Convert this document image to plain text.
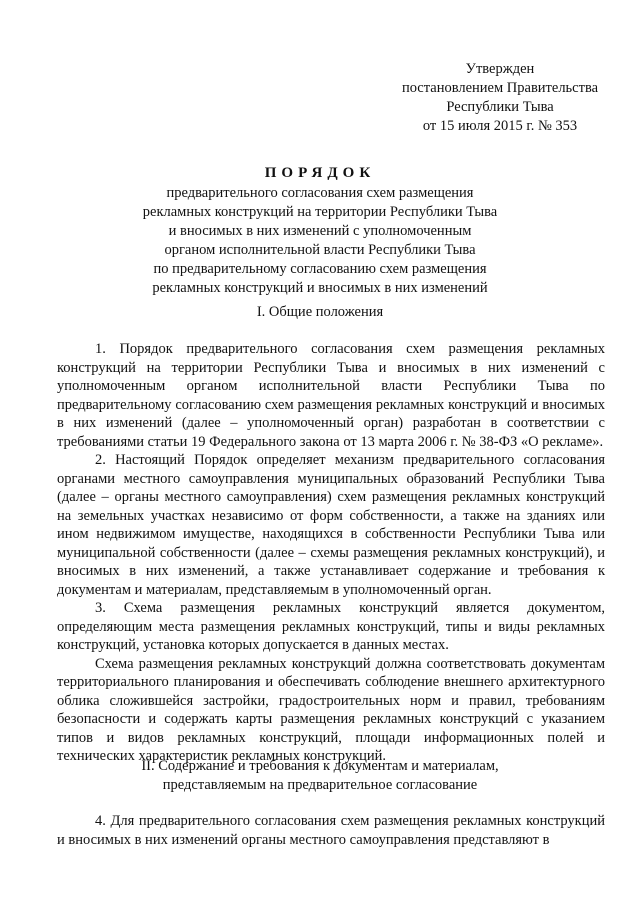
Утвержден
постановлением Правительства
Республики Тыва
от 15 июля 2015 г. № 353
ПОРЯДОК
предварительного согласования схем размещения
рекламных конструкций на территории Республики Тыва
и вносимых в них изменений с уполномоченным
органом исполнительной власти Республики Тыва
по предварительному согласованию схем размещения
рекламных конструкций и вносимых в них изменений
I. Общие положения

1. Порядок предварительного согласования схем размещения рекламных конструкций на территории Республики Тыва и вносимых в них изменений с уполномоченным органом исполнительной власти Республики Тыва по предварительному согласованию схем размещения рекламных конструкций и вносимых в них изменений (далее – уполномоченный орган) разработан в соответствии с требованиями статьи 19 Федерального закона от 13 марта 2006 г. № 38-ФЗ «О рекламе».

2. Настоящий Порядок определяет механизм предварительного согласования органами местного самоуправления муниципальных образований Республики Тыва (далее – органы местного самоуправления) схем размещения рекламных конструкций на земельных участках независимо от форм собственности, а также на зданиях или ином недвижимом имуществе, находящихся в собственности Республики Тыва или муниципальной собственности (далее – схемы размещения рекламных конструкций), и вносимых в них изменений, а также устанавливает содержание и требования к документам и материалам, представляемым в уполномоченный орган.

3. Схема размещения рекламных конструкций является документом, определяющим места размещения рекламных конструкций, типы и виды рекламных конструкций, установка которых допускается в данных местах.

Схема размещения рекламных конструкций должна соответствовать документам территориального планирования и обеспечивать соблюдение внешнего архитектурного облика сложившейся застройки, градостроительных норм и правил, требованиям безопасности и содержать карты размещения рекламных конструкций с указанием типов и видов рекламных конструкций, площади информационных полей и технических характеристик рекламных конструкций.

II. Содержание и требования к документам и материалам,
представляемым на предварительное согласование

4. Для предварительного согласования схем размещения рекламных конструкций и вносимых в них изменений органы местного самоуправления представляют в
